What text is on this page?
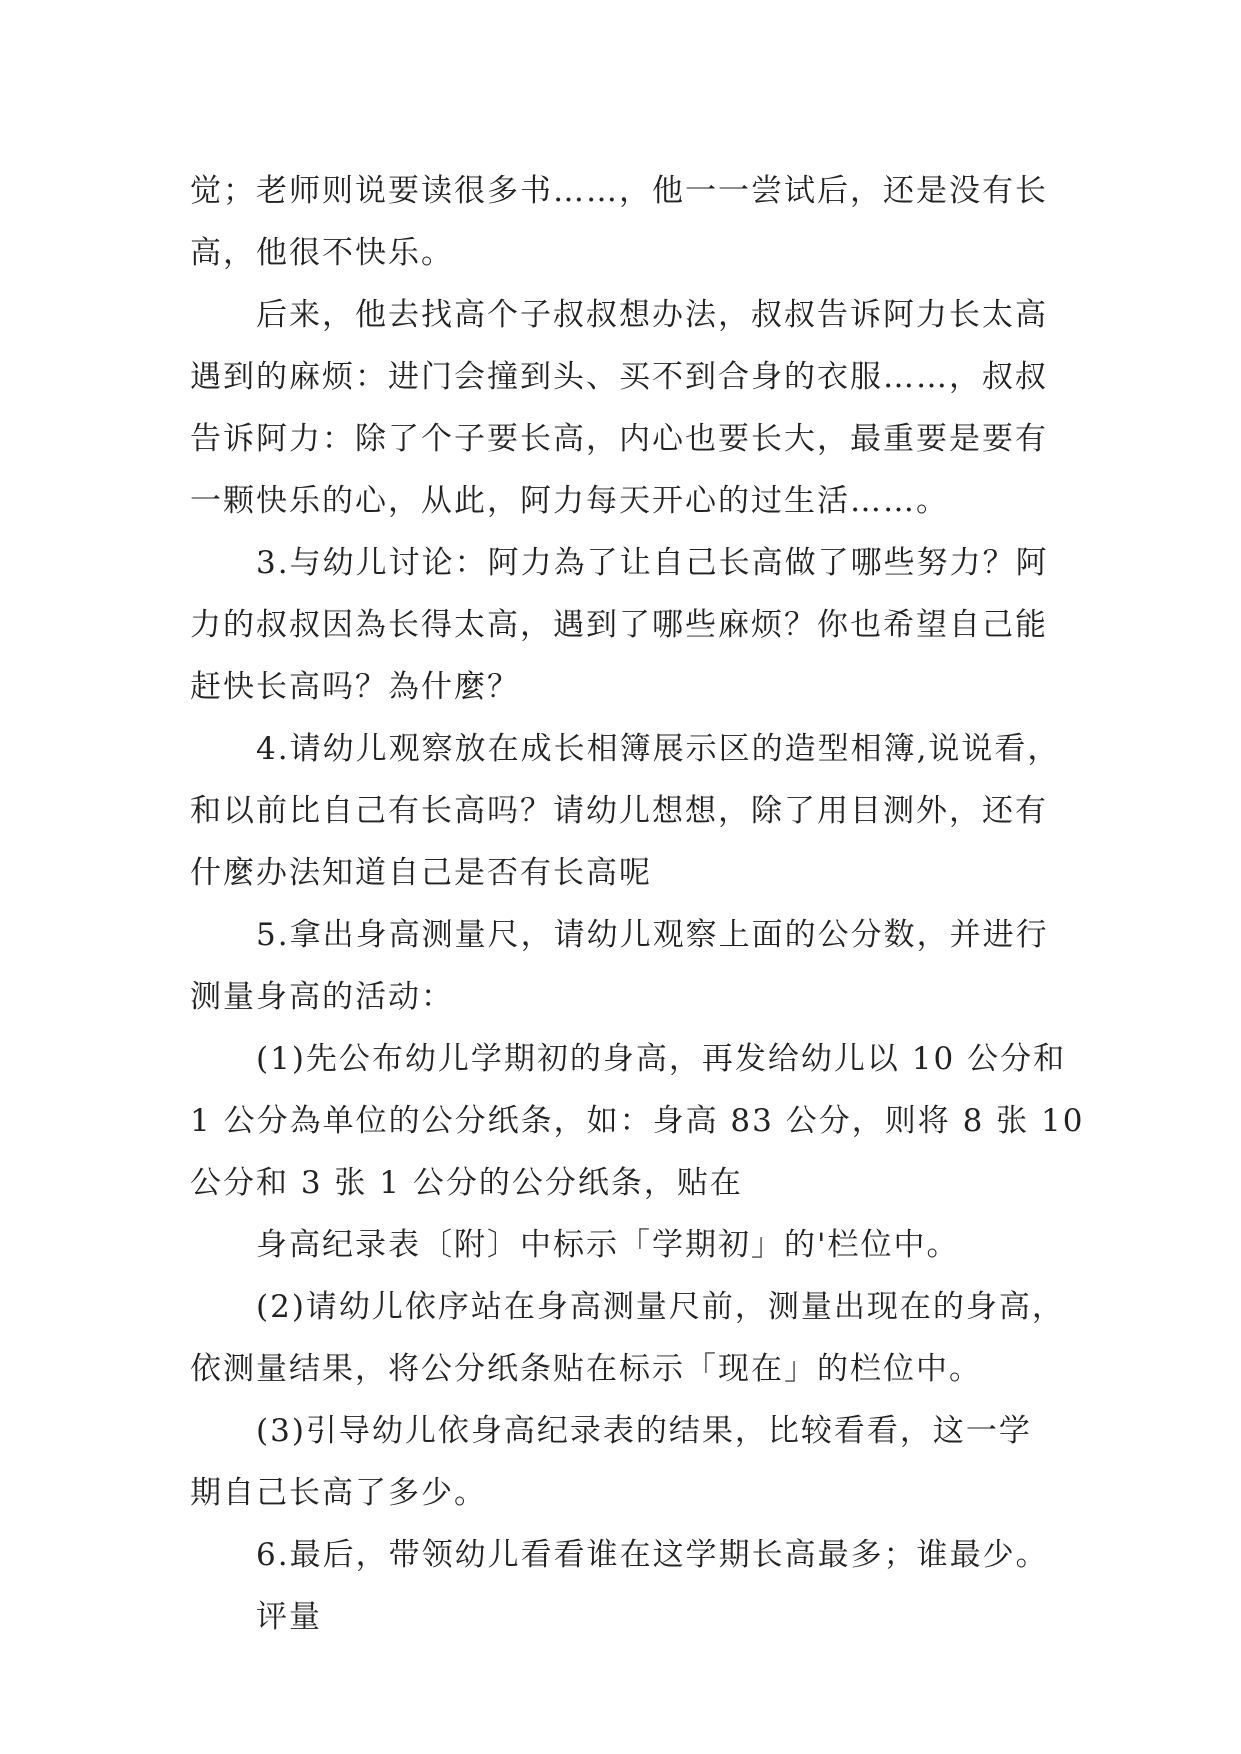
觉；老师则说要读很多书……，他一一尝试后，还是没有长
高，他很不快乐。
后来，他去找高个子叔叔想办法，叔叔告诉阿力长太高
遇到的麻烦：进门会撞到头、买不到合身的衣服……，叔叔
告诉阿力：除了个子要长高，内心也要长大，最重要是要有
一颗快乐的心，从此，阿力每天开心的过生活……。
3.与幼儿讨论：阿力為了让自己长高做了哪些努力？阿
力的叔叔因為长得太高，遇到了哪些麻烦？你也希望自己能
赶快长高吗？為什麼？
4.请幼儿观察放在成长相簿展示区的造型相簿,说说看，
和以前比自己有长高吗？请幼儿想想，除了用目测外，还有
什麼办法知道自己是否有长高呢
5.拿出身高测量尺，请幼儿观察上面的公分数，并进行
测量身高的活动：
(1)先公布幼儿学期初的身高，再发给幼儿以 10 公分和
1 公分為单位的公分纸条，如：身高 83 公分，则将 8 张 10
公分和 3 张 1 公分的公分纸条，贴在
身高纪录表〔附〕中标示「学期初」的'栏位中。
(2)请幼儿依序站在身高测量尺前，测量出现在的身高，
依测量结果，将公分纸条贴在标示「现在」的栏位中。
(3)引导幼儿依身高纪录表的结果，比较看看，这一学
期自己长高了多少。
6.最后，带领幼儿看看谁在这学期长高最多；谁最少。
评量
